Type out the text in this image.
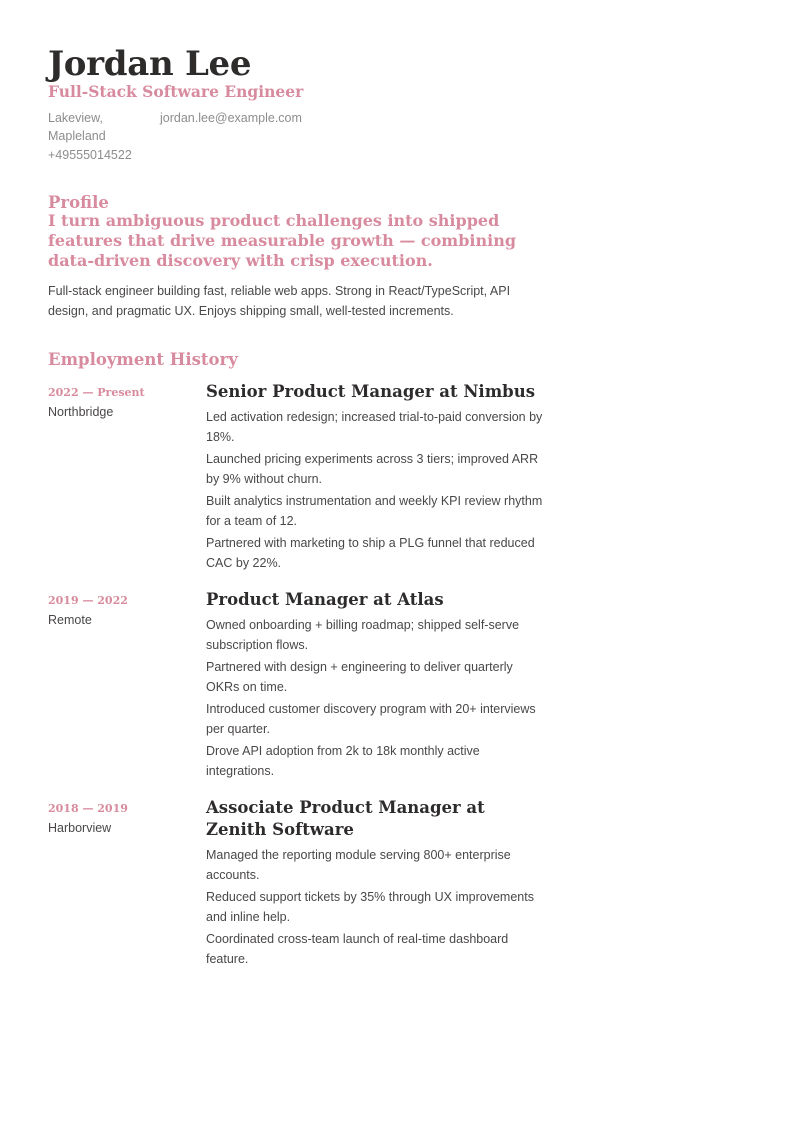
Jordan Lee

Full-Stack Software Engineer

Lakeview, Mapleland

jordan.lee@example.com

+49555014522

Profile

I turn ambiguous product challenges into shipped features that drive measurable growth — combining data-driven discovery with crisp execution.

Full-stack engineer building fast, reliable web apps. Strong in React/TypeScript, API design, and pragmatic UX. Enjoys shipping small, well-tested increments.

Employment History

2022 — Present

Northbridge

Senior Product Manager at Nimbus
Led activation redesign; increased trial-to-paid conversion by 18%.
Launched pricing experiments across 3 tiers; improved ARR by 9% without churn.
Built analytics instrumentation and weekly KPI review rhythm for a team of 12.
Partnered with marketing to ship a PLG funnel that reduced CAC by 22%.

2019 — 2022

Remote

Product Manager at Atlas
Owned onboarding + billing roadmap; shipped self-serve subscription flows.
Partnered with design + engineering to deliver quarterly OKRs on time.
Introduced customer discovery program with 20+ interviews per quarter.
Drove API adoption from 2k to 18k monthly active integrations.

2018 — 2019

Harborview

Associate Product Manager at Zenith Software
Managed the reporting module serving 800+ enterprise accounts.
Reduced support tickets by 35% through UX improvements and inline help.
Coordinated cross-team launch of real-time dashboard feature.
